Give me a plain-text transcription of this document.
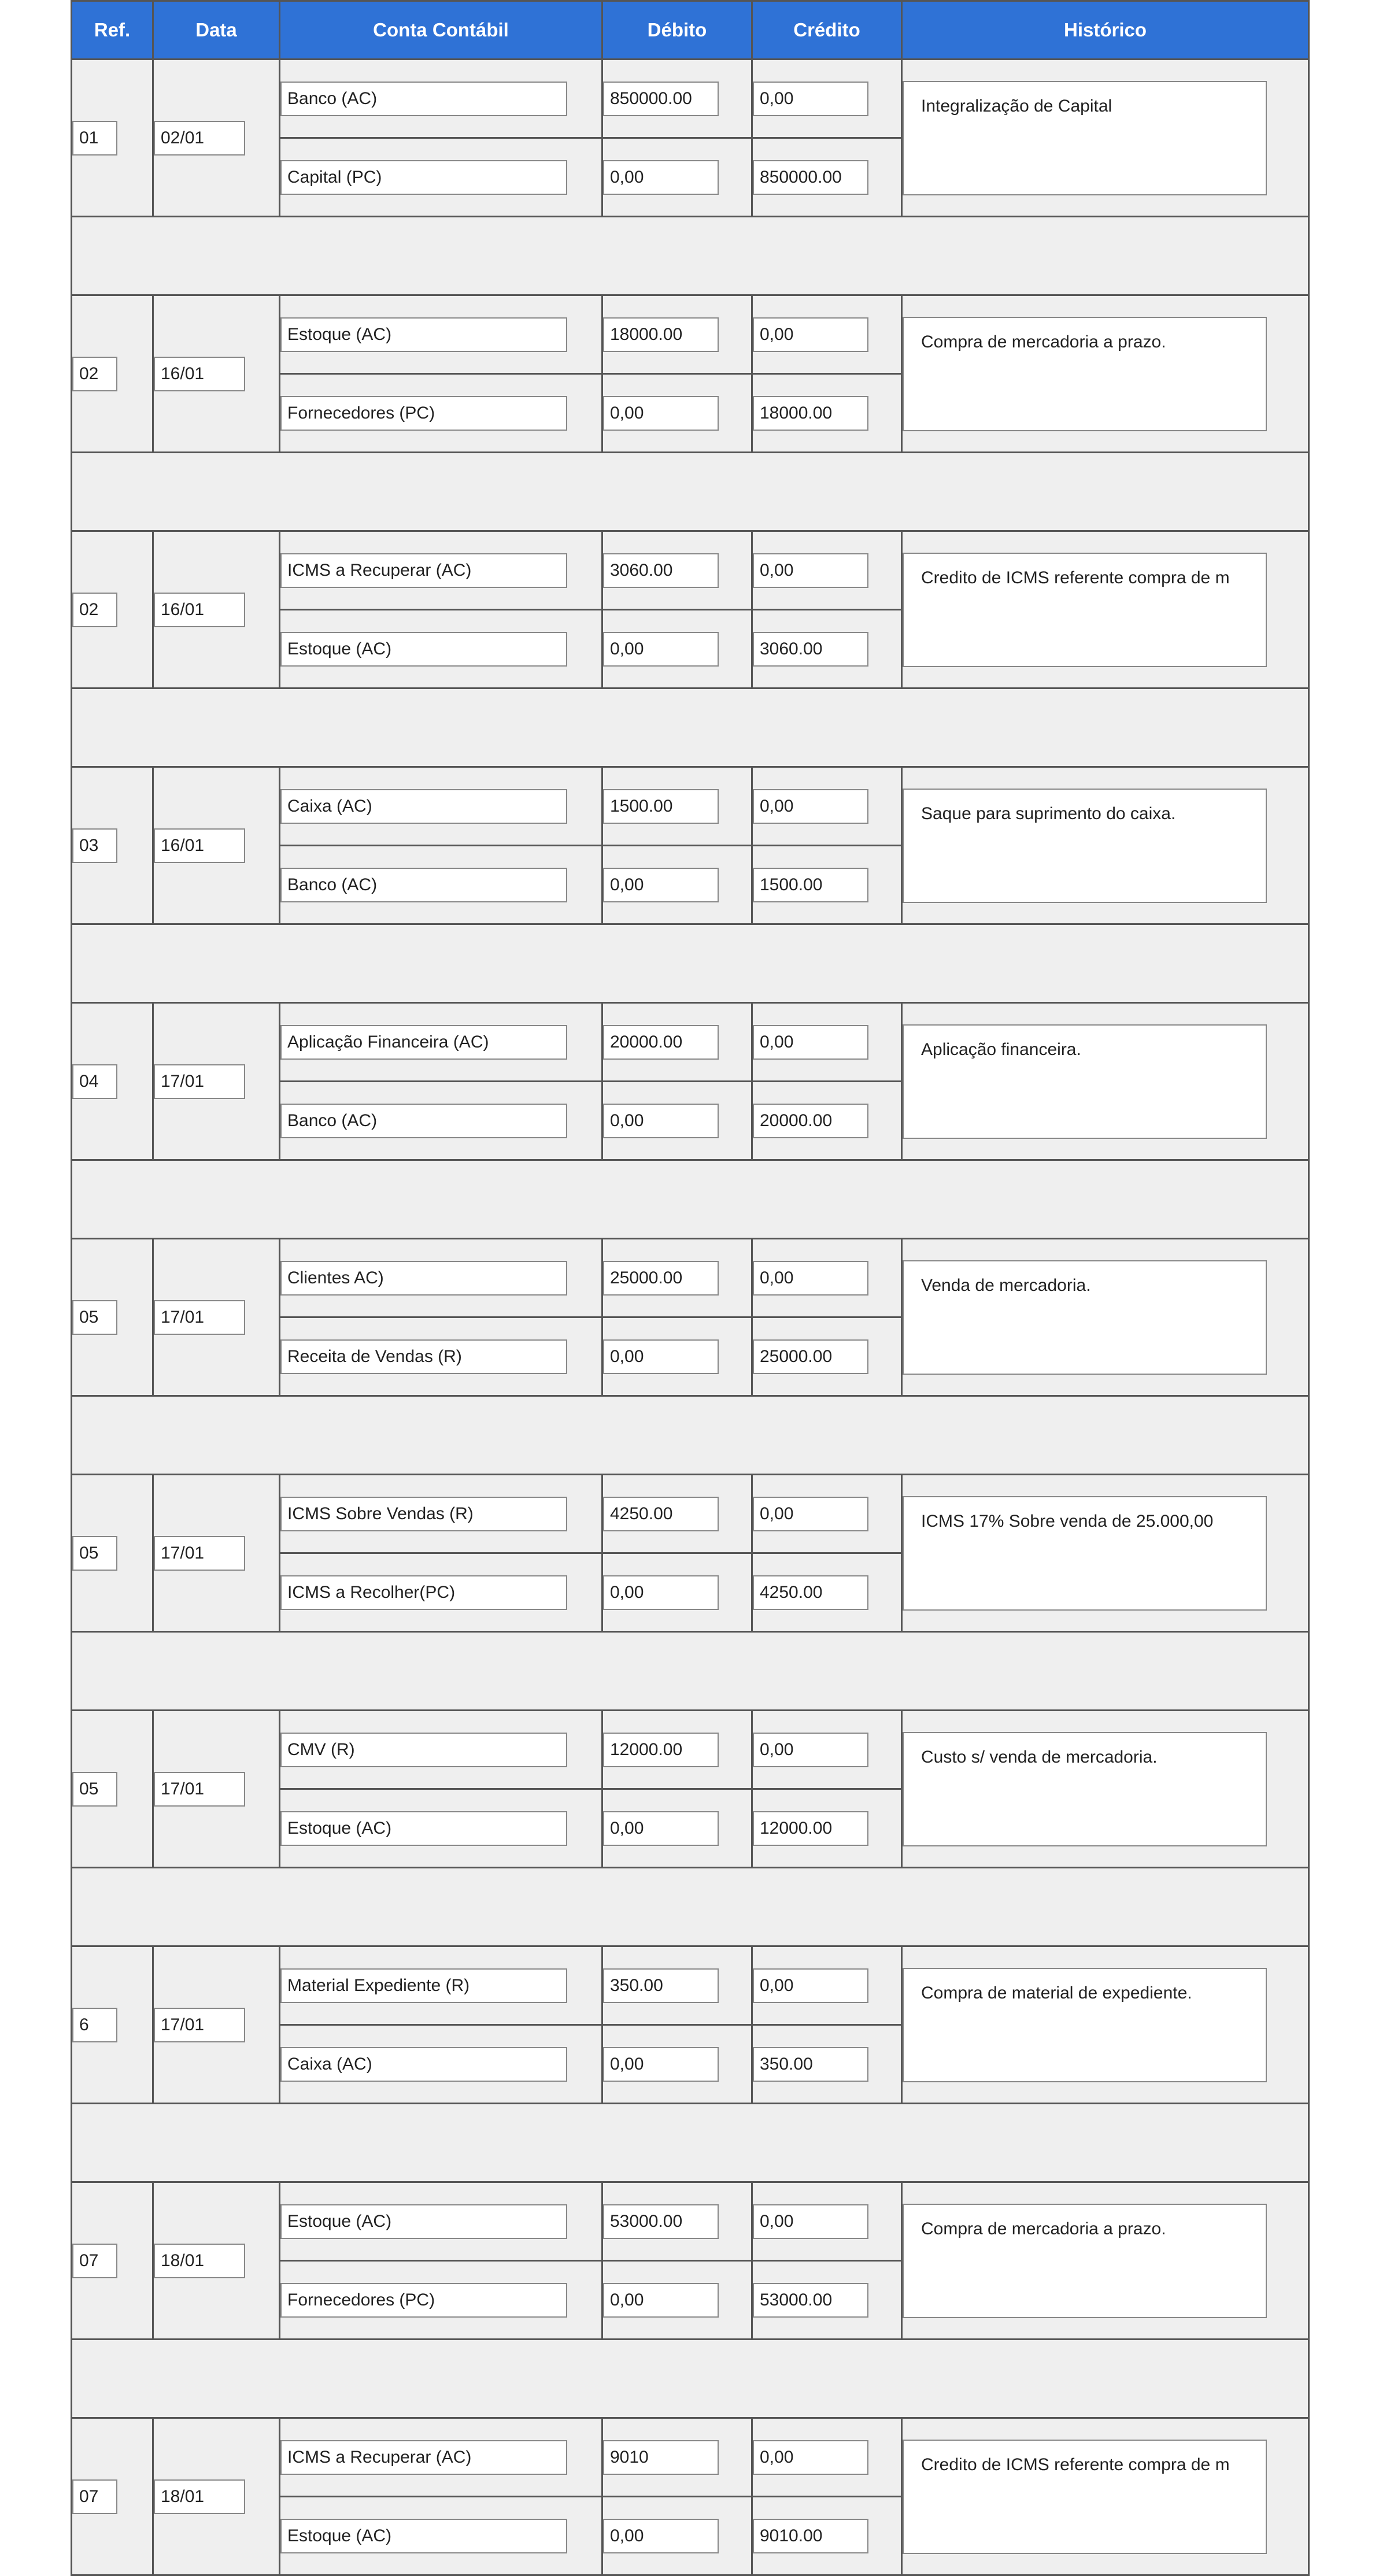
Ref.	Data	Conta Contábil	Débito	Crédito	Histórico

01	02/01	Banco (AC)	850000.00	0,00	Integralização de Capital

		Capital (PC)	0,00	850000.00	

02	16/01	Estoque (AC)	18000.00	0,00	Compra de mercadoria a prazo.

		Fornecedores (PC)	0,00	18000.00	

02	16/01	ICMS a Recuperar (AC)	3060.00	0,00	Credito de ICMS referente compra de m

		Estoque (AC)	0,00	3060.00	

03	16/01	Caixa (AC)	1500.00	0,00	Saque para suprimento do caixa.

		Banco (AC)	0,00	1500.00	

04	17/01	Aplicação Financeira (AC)	20000.00	0,00	Aplicação financeira.

		Banco (AC)	0,00	20000.00	

05	17/01	Clientes AC)	25000.00	0,00	Venda de mercadoria.

		Receita de Vendas (R)	0,00	25000.00	

05	17/01	ICMS Sobre Vendas (R)	4250.00	0,00	ICMS 17% Sobre venda de 25.000,00

		ICMS a Recolher(PC)	0,00	4250.00	

05	17/01	CMV (R)	12000.00	0,00	Custo s/ venda de mercadoria.

		Estoque (AC)	0,00	12000.00	

6	17/01	Material Expediente (R)	350.00	0,00	Compra de material de expediente.

		Caixa (AC)	0,00	350.00	

07	18/01	Estoque (AC)	53000.00	0,00	Compra de mercadoria a prazo.

		Fornecedores (PC)	0,00	53000.00	

07	18/01	ICMS a Recuperar (AC)	9010	0,00	Credito de ICMS referente compra de m

		Estoque (AC)	0,00	9010.00	
